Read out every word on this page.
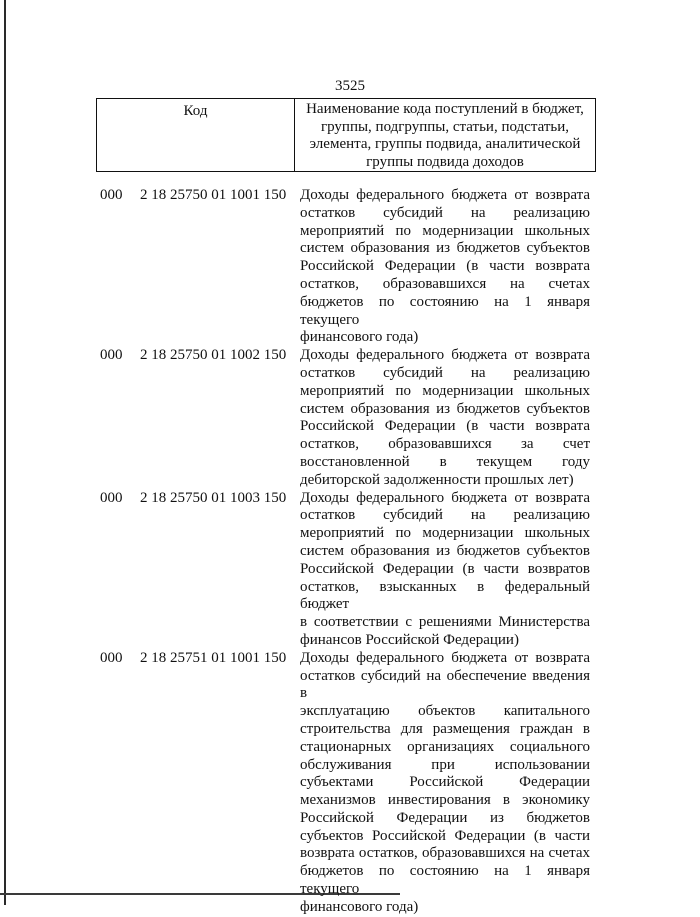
3525
Код	Наименование кода поступлений в бюджет, группы, подгруппы, статьи, подстатьи, элемента, группы подвида, аналитической группы подвида доходов
000	2 18 25750 01 1001 150 Доходы федерального бюджета от возврата
остатков субсидий на реализацию
мероприятий по модернизации школьных
систем образования из бюджетов субъектов
Российской Федерации (в части возврата
остатков, образовавшихся на счетах
бюджетов по состоянию на 1 января текущего
финансового года)
000	2 18 25750 01 1002 150 Доходы федерального бюджета от возврата
остатков субсидий на реализацию
мероприятий по модернизации школьных
систем образования из бюджетов субъектов
Российской Федерации (в части возврата
остатков, образовавшихся за счет
восстановленной в текущем году
дебиторской задолженности прошлых лет)
000	2 18 25750 01 1003 150 Доходы федерального бюджета от возврата
остатков субсидий на реализацию
мероприятий по модернизации школьных
систем образования из бюджетов субъектов
Российской Федерации (в части возвратов
остатков, взысканных в федеральный бюджет
в соответствии с решениями Министерства
финансов Российской Федерации)
000	2 18 25751 01 1001 150 Доходы федерального бюджета от возврата
остатков субсидий на обеспечение введения в
эксплуатацию объектов капитального
строительства для размещения граждан в
стационарных организациях социального
обслуживания при использовании
субъектами Российской Федерации
механизмов инвестирования в экономику
Российской Федерации из бюджетов
субъектов Российской Федерации (в части
возврата остатков, образовавшихся на счетах
бюджетов по состоянию на 1 января текущего
финансового года)
